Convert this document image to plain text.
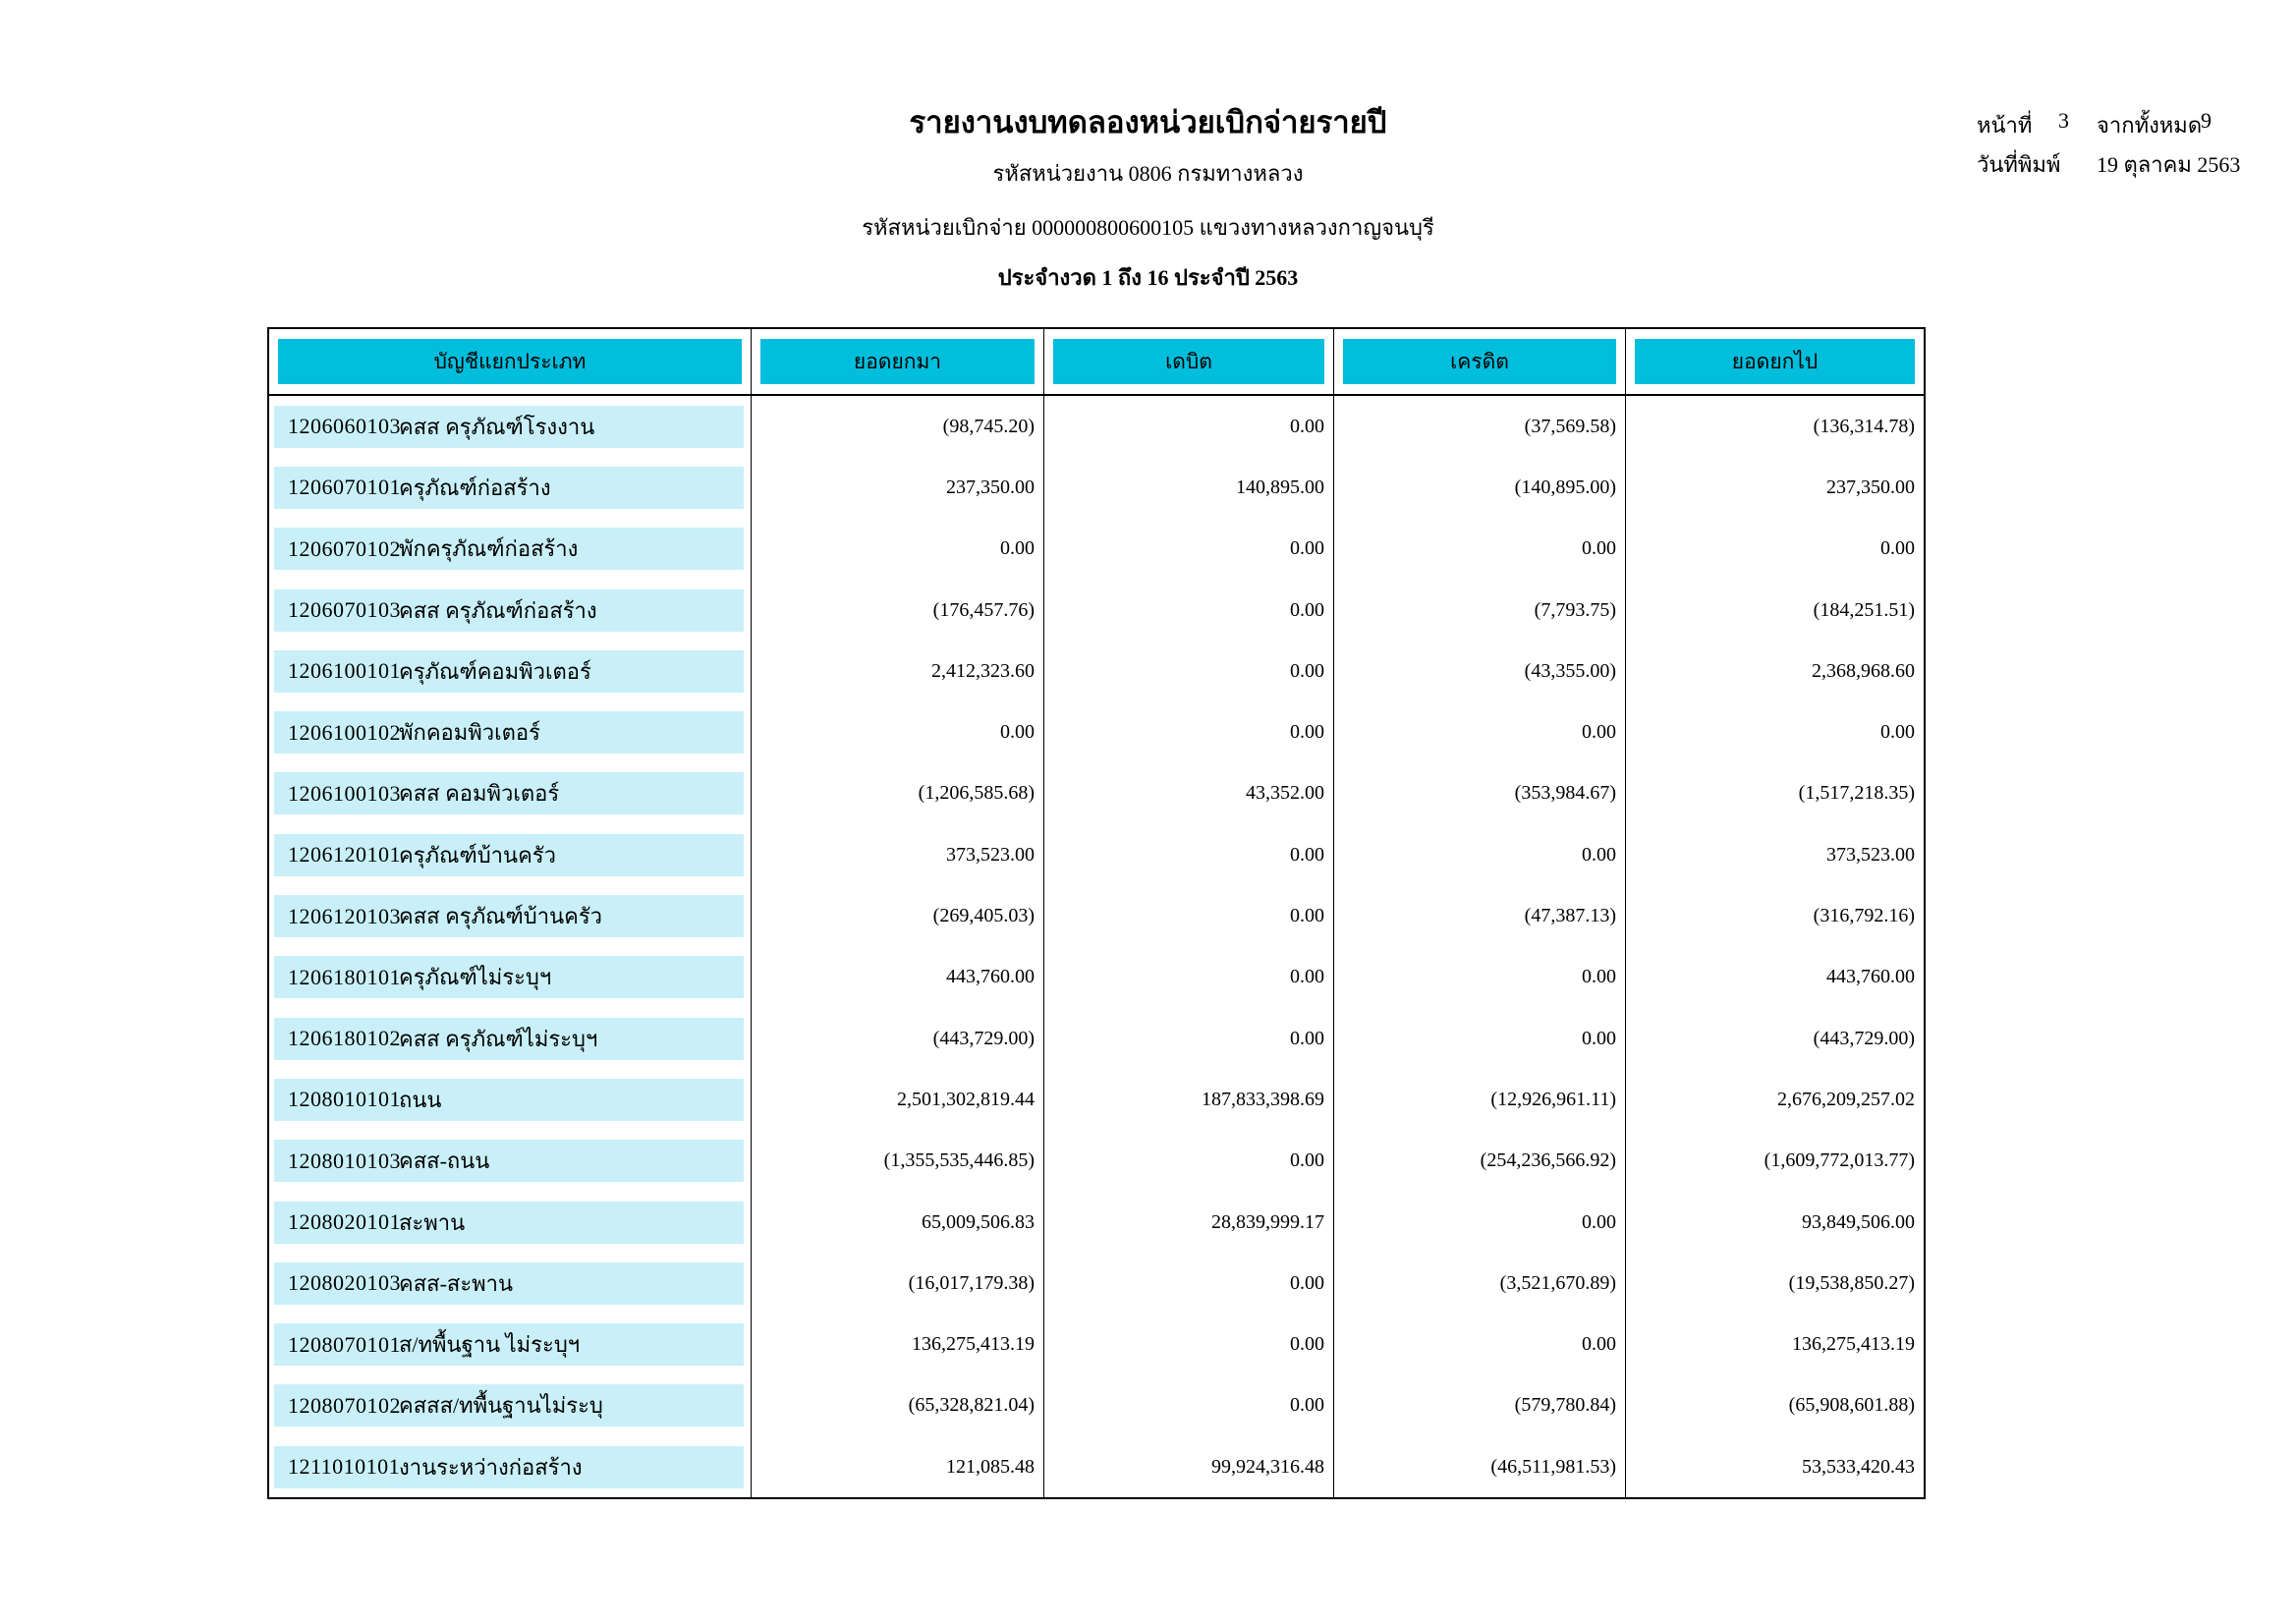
รายงานงบทดลองหน่วยเบิกจ่ายรายปี
รหัสหน่วยงาน 0806 กรมทางหลวง
รหัสหน่วยเบิกจ่าย 000000800600105 แขวงทางหลวงกาญจนบุรี
ประจำงวด 1 ถึง 16 ประจำปี 2563
หน้าที่ 3 จากทั้งหมด
9
วันที่พิมพ์ 19 ตุลาคม 2563
บัญชีแยกประเภท	ยอดยกมา	เดบิต	เครดิต	ยอดยกไป
1206060103
คสส ครุภัณฑ์โรงงาน	(98,745.20)	0.00	(37,569.58)	(136,314.78)
1206070101
ครุภัณฑ์ก่อสร้าง	237,350.00	140,895.00	(140,895.00)	237,350.00
1206070102
พักครุภัณฑ์ก่อสร้าง	0.00	0.00	0.00	0.00
1206070103
คสส ครุภัณฑ์ก่อสร้าง	(176,457.76)	0.00	(7,793.75)	(184,251.51)
1206100101
ครุภัณฑ์คอมพิวเตอร์	2,412,323.60	0.00	(43,355.00)	2,368,968.60
1206100102
พักคอมพิวเตอร์	0.00	0.00	0.00	0.00
1206100103
คสส คอมพิวเตอร์	(1,206,585.68)	43,352.00	(353,984.67)	(1,517,218.35)
1206120101
ครุภัณฑ์บ้านครัว	373,523.00	0.00	0.00	373,523.00
1206120103
คสส ครุภัณฑ์บ้านครัว	(269,405.03)	0.00	(47,387.13)	(316,792.16)
1206180101
ครุภัณฑ์ไม่ระบุฯ	443,760.00	0.00	0.00	443,760.00
1206180102
คสส ครุภัณฑ์ไม่ระบุฯ	(443,729.00)	0.00	0.00	(443,729.00)
1208010101
ถนน	2,501,302,819.44	187,833,398.69	(12,926,961.11)	2,676,209,257.02
1208010103
คสส-ถนน	(1,355,535,446.85)	0.00	(254,236,566.92)	(1,609,772,013.77)
1208020101
สะพาน	65,009,506.83	28,839,999.17	0.00	93,849,506.00
1208020103
คสส-สะพาน	(16,017,179.38)	0.00	(3,521,670.89)	(19,538,850.27)
1208070101
ส/ทพื้นฐาน ไม่ระบุฯ	136,275,413.19	0.00	0.00	136,275,413.19
1208070102
คสสส/ทพื้นฐานไม่ระบุ	(65,328,821.04)	0.00	(579,780.84)	(65,908,601.88)
1211010101
งานระหว่างก่อสร้าง	121,085.48	99,924,316.48	(46,511,981.53)	53,533,420.43
